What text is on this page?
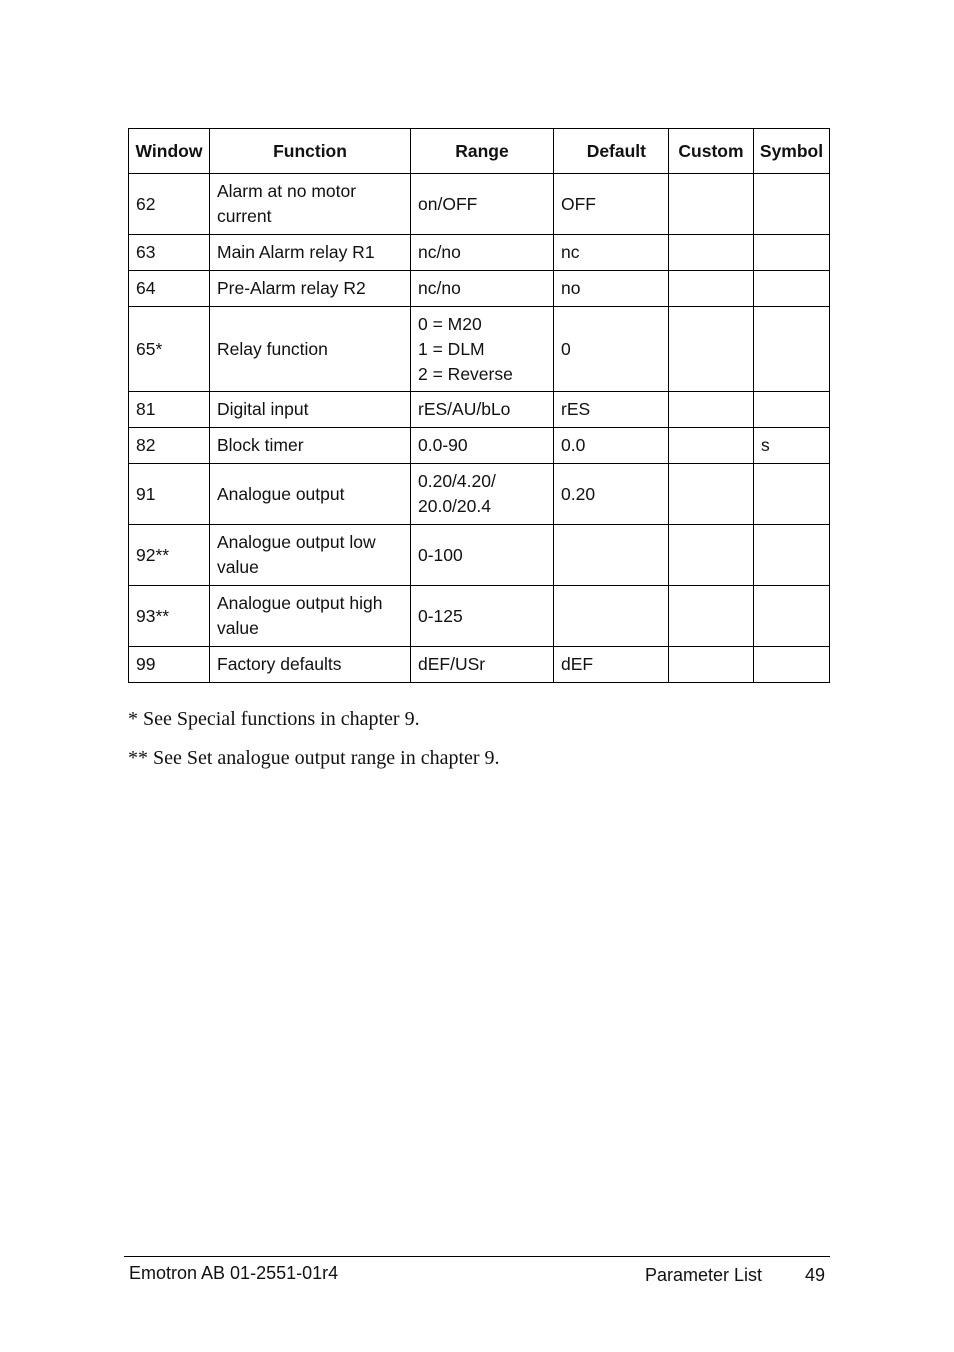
Window	Function	Range	Default	Custom	Symbol
62	Alarm at no motor
current	on/OFF	OFF		
63	Main Alarm relay R1	nc/no	nc		
64	Pre-Alarm relay R2	nc/no	no		
65*	Relay function	0 = M20
1 = DLM
2 = Reverse	0		
81	Digital input	rES/AU/bLo	rES		
82	Block timer	0.0-90	0.0		s
91	Analogue output	0.20/4.20/
20.0/20.4	0.20		
92**	Analogue output low
value	0-100			
93**	Analogue output high
value	0-125			
99	Factory defaults	dEF/USr	dEF		

* See Special functions in chapter 9.

** See Set analogue output range in chapter 9.

Emotron AB 01-2551-01r4	Parameter List 49
